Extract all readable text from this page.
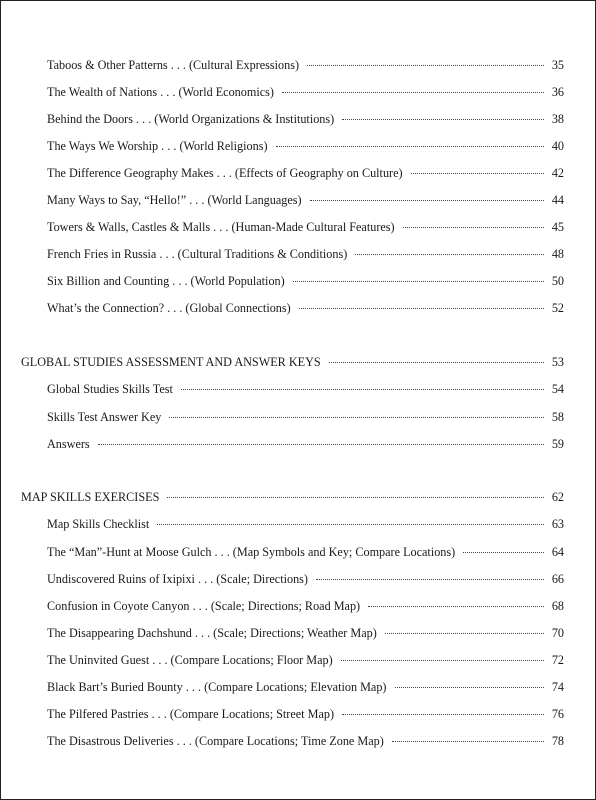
Taboos & Other Patterns . . . (Cultural Expressions)	35
The Wealth of Nations . . . (World Economics)	36
Behind the Doors . . . (World Organizations & Institutions)	38
The Ways We Worship . . . (World Religions)	40
The Difference Geography Makes . . . (Effects of Geography on Culture)	42
Many Ways to Say, “Hello!” . . . (World Languages)	44
Towers & Walls, Castles & Malls . . . (Human-Made Cultural Features)	45
French Fries in Russia . . . (Cultural Traditions & Conditions)	48
Six Billion and Counting . . . (World Population)	50
What’s the Connection? . . . (Global Connections)	52
GLOBAL STUDIES ASSESSMENT AND ANSWER KEYS	53
Global Studies Skills Test	54
Skills Test Answer Key	58
Answers	59
MAP SKILLS EXERCISES	62
Map Skills Checklist	63
The “Man”-Hunt at Moose Gulch . . . (Map Symbols and Key; Compare Locations)	64
Undiscovered Ruins of Ixipixi . . . (Scale; Directions)	66
Confusion in Coyote Canyon . . . (Scale; Directions; Road Map)	68
The Disappearing Dachshund . . . (Scale; Directions; Weather Map)	70
The Uninvited Guest . . . (Compare Locations; Floor Map)	72
Black Bart’s Buried Bounty . . . (Compare Locations; Elevation Map)	74
The Pilfered Pastries . . . (Compare Locations; Street Map)	76
The Disastrous Deliveries . . . (Compare Locations; Time Zone Map)	78
